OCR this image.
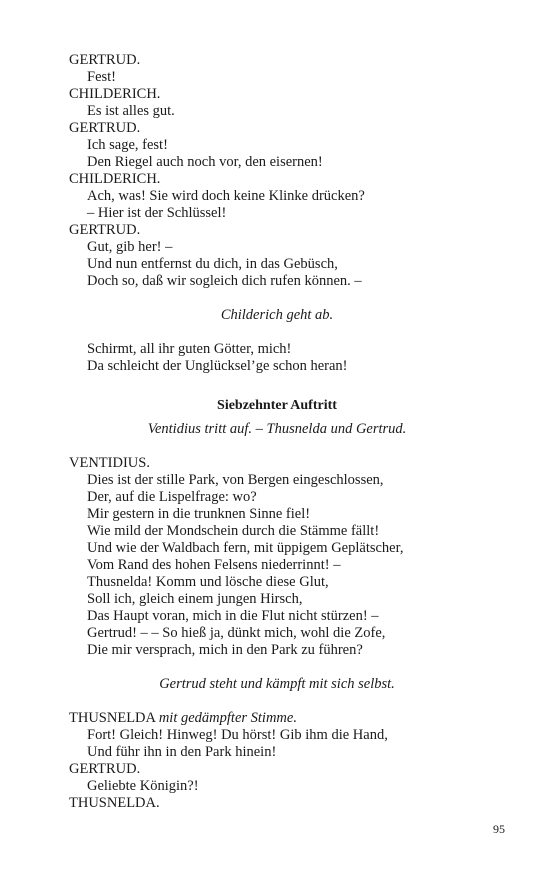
GERTRUD.
Fest!
CHILDERICH.
Es ist alles gut.
GERTRUD.
Ich sage, fest!
Den Riegel auch noch vor, den eisernen!
CHILDERICH.
Ach, was! Sie wird doch keine Klinke drücken?
– Hier ist der Schlüssel!
GERTRUD.
Gut, gib her! –
Und nun entfernst du dich, in das Gebüsch,
Doch so, daß wir sogleich dich rufen können. –
Childerich geht ab.
Schirmt, all ihr guten Götter, mich!
Da schleicht der Unglücksel’ge schon heran!
Siebzehnter Auftritt
Ventidius tritt auf. – Thusnelda und Gertrud.
VENTIDIUS.
Dies ist der stille Park, von Bergen eingeschlossen,
Der, auf die Lispelfrage: wo?
Mir gestern in die trunknen Sinne fiel!
Wie mild der Mondschein durch die Stämme fällt!
Und wie der Waldbach fern, mit üppigem Geplätscher,
Vom Rand des hohen Felsens niederrinnt! –
Thusnelda! Komm und lösche diese Glut,
Soll ich, gleich einem jungen Hirsch,
Das Haupt voran, mich in die Flut nicht stürzen! –
Gertrud! – – So hieß ja, dünkt mich, wohl die Zofe,
Die mir versprach, mich in den Park zu führen?
Gertrud steht und kämpft mit sich selbst.
THUSNELDA mit gedämpfter Stimme.
Fort! Gleich! Hinweg! Du hörst! Gib ihm die Hand,
Und führ ihn in den Park hinein!
GERTRUD.
Geliebte Königin?!
THUSNELDA.
95
